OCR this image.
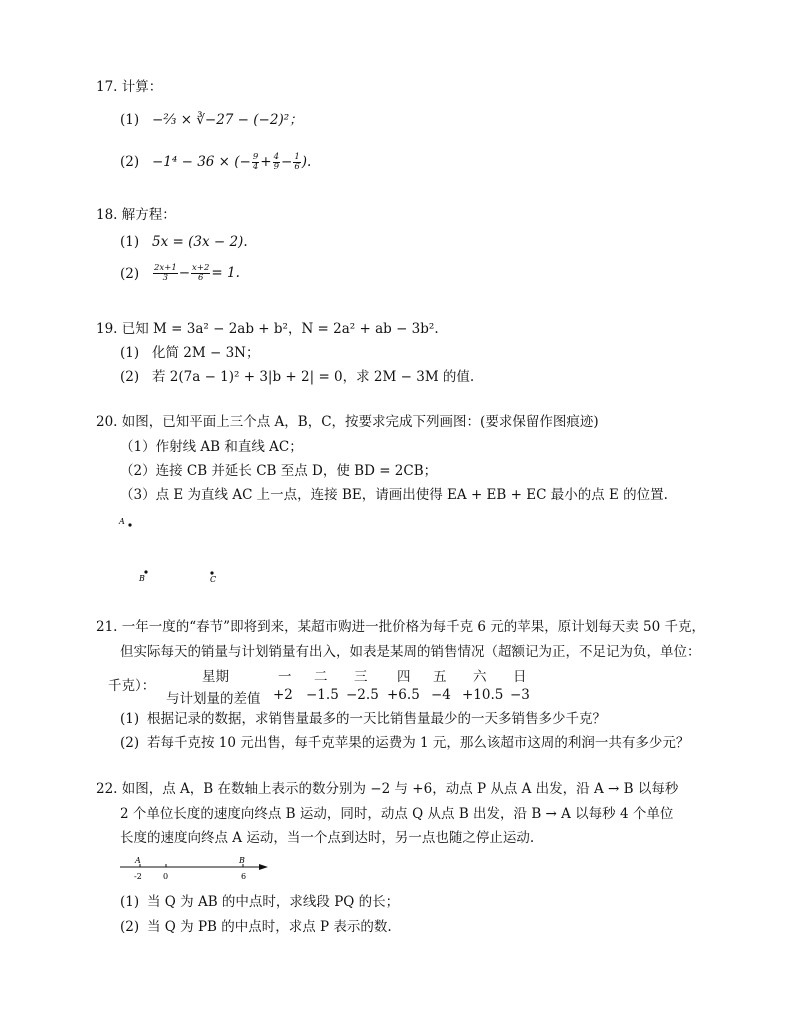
17. 计算：
(1) −⅔ × ∛−27 − (−2)²；
(2) −1⁴ − 36 × (− $\frac{9}{4} + \frac{4}{9} - \frac{1}{6}$ ).
18. 解方程：
(1) 5x = (3x − 2).
$(2) \frac{2x+1}{3} - \frac{x+2}{6} = 1$.
19. 已知 M = 3a² − 2ab + b²，N = 2a² + ab − 3b².
(1) 化简 2M − 3N；
(2) 若 2(7a − 1)² + 3|b + 2| = 0，求 2M − 3M 的值.
20. 如图，已知平面上三个点 A，B，C，按要求完成下列画图：(要求保留作图痕迹)
（1）作射线 AB 和直线 AC；
（2）连接 CB 并延长 CB 至点 D，使 BD = 2CB；
（3）点 E 为直线 AC 上一点，连接 BE，请画出使得 EA + EB + EC 最小的点 E 的位置.
A
B	C
21. 一年一度的“春节”即将到来，某超市购进一批价格为每千克 6 元的苹果，原计划每天卖 50 千克，
但实际每天的销量与计划销量有出入，如表是某周的销售情况（超额记为正，不足记为负，单位：
千克）：
星期	一 二 三 四 五 六 日
与计划量的差值 +2 −1.5 −2.5 +6.5 −4 +10.5 −3
(1) 根据记录的数据，求销售量最多的一天比销售量最少的一天多销售多少千克？
(2) 若每千克按 10 元出售，每千克苹果的运费为 1 元，那么该超市这周的利润一共有多少元？
22. 如图，点 A，B 在数轴上表示的数分别为 −2 与 +6，动点 P 从点 A 出发，沿 A → B 以每秒
2 个单位长度的速度向终点 B 运动，同时，动点 Q 从点 B 出发，沿 B → A 以每秒 4 个单位
长度的速度向终点 A 运动，当一个点到达时，另一点也随之停止运动.
A	B
-2	0	6
(1) 当 Q 为 AB 的中点时，求线段 PQ 的长；
(2) 当 Q 为 PB 的中点时，求点 P 表示的数.
